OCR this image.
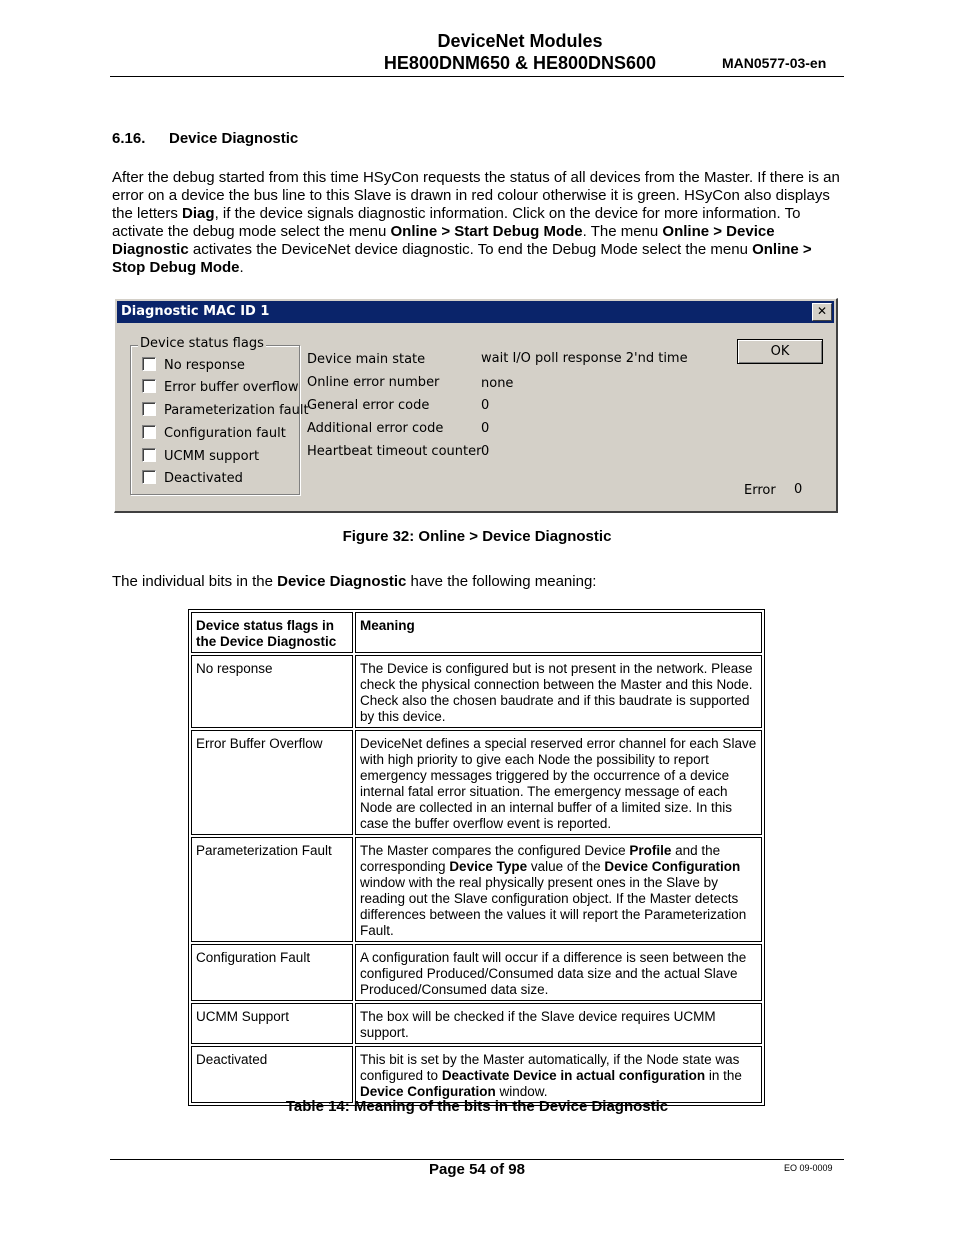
DeviceNet Modules
HE800DNM650 & HE800DNS600	MAN0577-03-en
6.16. Device Diagnostic
After the debug started from this time HSyCon requests the status of all devices from the Master. If there is an error on a device the bus line to this Slave is drawn in red colour otherwise it is green. HSyCon also displays the letters Diag, if the device signals diagnostic information. Click on the device for more information. To activate the debug mode select the menu Online > Start Debug Mode. The menu Online > Device Diagnostic activates the DeviceNet device diagnostic. To end the Debug Mode select the menu Online > Stop Debug Mode.
Diagnostic MAC ID 1	✕
Device status flags
No response
Error buffer overflow
Parameterization fault
Configuration fault
UCMM support
Deactivated
Device main state	wait I/O poll response 2'nd time
Online error number	none
General error code	0
Additional error code	0
Heartbeat timeout counter 0
OK
Error 0
Figure 32: Online > Device Diagnostic
The individual bits in the Device Diagnostic have the following meaning:
Device status flags in the Device Diagnostic	Meaning
No response	The Device is configured but is not present in the network. Please check the physical connection between the Master and this Node. Check also the chosen baudrate and if this baudrate is supported by this device.
Error Buffer Overflow	DeviceNet defines a special reserved error channel for each Slave with high priority to give each Node the possibility to report emergency messages triggered by the occurrence of a device internal fatal error situation. The emergency message of each Node are collected in an internal buffer of a limited size. In this case the buffer overflow event is reported.
Parameterization Fault	The Master compares the configured Device Profile and the corresponding Device Type value of the Device Configuration window with the real physically present ones in the Slave by reading out the Slave configuration object. If the Master detects differences between the values it will report the Parameterization Fault.
Configuration Fault	A configuration fault will occur if a difference is seen between the configured Produced/Consumed data size and the actual Slave Produced/Consumed data size.
UCMM Support	The box will be checked if the Slave device requires UCMM support.
Deactivated	This bit is set by the Master automatically, if the Node state was configured to Deactivate Device in actual configuration in the Device Configuration window.
Table 14: Meaning of the bits in the Device Diagnostic
Page 54 of 98	EO 09-0009
